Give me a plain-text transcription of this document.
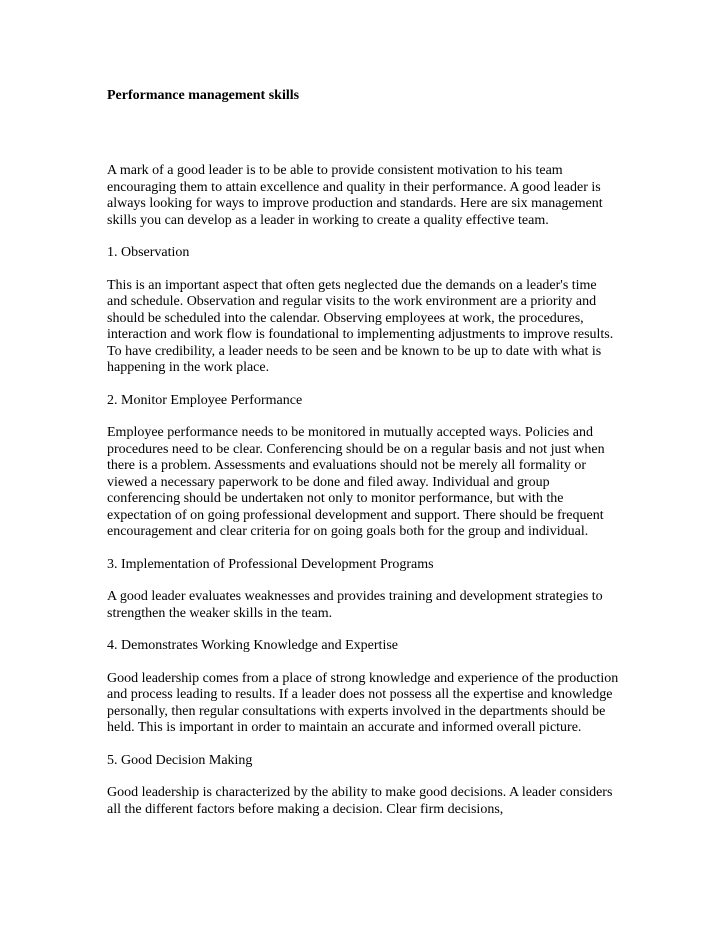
Performance management skills

A mark of a good leader is to be able to provide consistent motivation to his team encouraging them to attain excellence and quality in their performance. A good leader is always looking for ways to improve production and standards. Here are six management skills you can develop as a leader in working to create a quality effective team.

1. Observation

This is an important aspect that often gets neglected due the demands on a leader's time and schedule. Observation and regular visits to the work environment are a priority and should be scheduled into the calendar. Observing employees at work, the procedures, interaction and work flow is foundational to implementing adjustments to improve results. To have credibility, a leader needs to be seen and be known to be up to date with what is happening in the work place.

2. Monitor Employee Performance

Employee performance needs to be monitored in mutually accepted ways. Policies and procedures need to be clear. Conferencing should be on a regular basis and not just when there is a problem. Assessments and evaluations should not be merely all formality or viewed a necessary paperwork to be done and filed away. Individual and group conferencing should be undertaken not only to monitor performance, but with the expectation of on going professional development and support. There should be frequent encouragement and clear criteria for on going goals both for the group and individual.

3. Implementation of Professional Development Programs

A good leader evaluates weaknesses and provides training and development strategies to strengthen the weaker skills in the team.

4. Demonstrates Working Knowledge and Expertise

Good leadership comes from a place of strong knowledge and experience of the production and process leading to results. If a leader does not possess all the expertise and knowledge personally, then regular consultations with experts involved in the departments should be held. This is important in order to maintain an accurate and informed overall picture.

5. Good Decision Making

Good leadership is characterized by the ability to make good decisions. A leader considers all the different factors before making a decision. Clear firm decisions,
